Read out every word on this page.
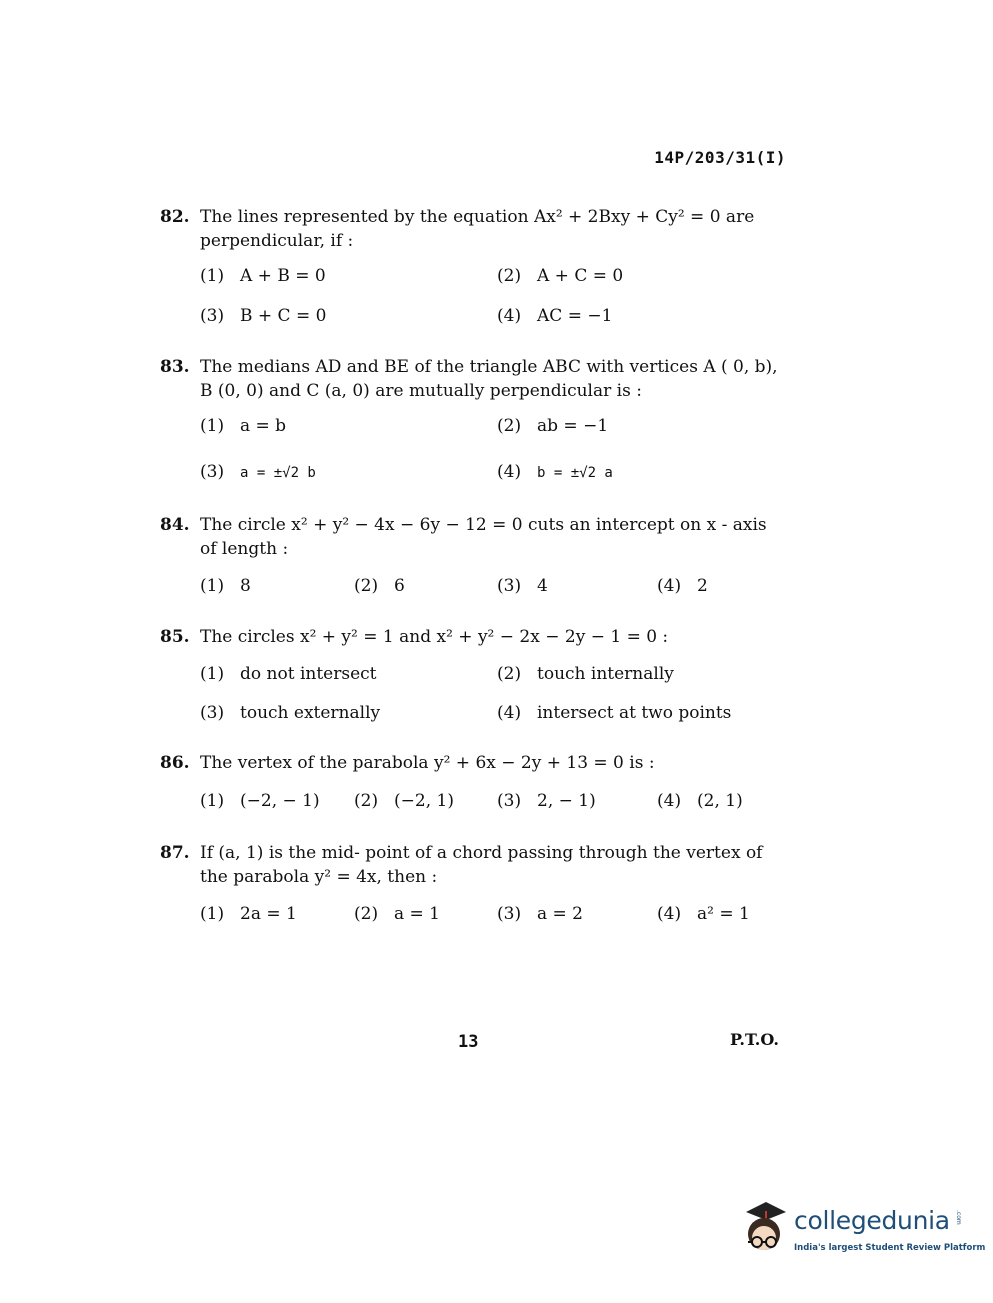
14P/203/31(I)
82. The lines represented by the equation Ax² + 2Bxy + Cy² = 0 are perpendicular, if :
(1) A + B = 0	(2) A + C = 0
(3) B + C = 0	(4) AC = −1
83. The medians AD and BE of the triangle ABC with vertices A ( 0, b), B (0, 0) and C (a, 0) are mutually perpendicular is :
(1) a = b	(2) ab = −1
(3) a = ±√2 b	(4) b = ±√2 a
84. The circle x² + y² − 4x − 6y − 12 = 0 cuts an intercept on x - axis of length :
(1) 8	(2) 6	(3) 4	(4) 2
85. The circles x² + y² = 1 and x² + y² − 2x − 2y − 1 = 0 :
(1) do not intersect	(2) touch internally
(3) touch externally	(4) intersect at two points
86. The vertex of the parabola y² + 6x − 2y + 13 = 0 is :
(1) (−2, − 1) (2) (−2, 1)	(3) 2, − 1)	(4) (2, 1)
87. If (a, 1) is the mid- point of a chord passing through the vertex of the parabola y² = 4x, then :
(1) 2a = 1	(2) a = 1	(3) a = 2	(4) a² = 1
13	P.T.O.
collegedunia .com
India's largest Student Review Platform
